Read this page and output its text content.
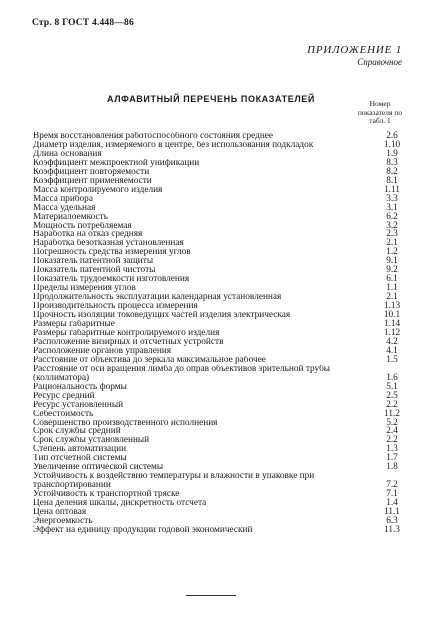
Стр. 8 ГОСТ 4.448—86
ПРИЛОЖЕНИЕ 1
Справочное
АЛФАВИТНЫЙ ПЕРЕЧЕНЬ ПОКАЗАТЕЛЕЙ	Номер показателя по табл. 1
Время восстановления работоспособного состояния среднее	2.6
Диаметр изделия, измеряемого в центре, без использования подкладок	1.10
Длина основания	1.9
Коэффициент межпроектной унификации	8.3
Коэффициент повторяемости	8.2
Коэффициент применяемости	8.1
Масса контролируемого изделия	1.11
Масса прибора	3.3
Масса удельная	3.1
Материалоемкость	6.2
Мощность потребляемая	3.2
Наработка на отказ средняя	2.3
Наработка безотказная установленная	2.1
Погрешность средства измерения углов	1.2
Показатель патентной защиты	9.1
Показатель патентной чистоты	9.2
Показатель трудоемкости изготовления	6.1
Пределы измерения углов	1.1
Продолжительность эксплуатации календарная установленная	2.1
Производительность процесса измерения	1.13
Прочность изоляции токоведущих частей изделия электрическая	10.1
Размеры габаритные	1.14
Размеры габаритные контролируемого изделия	1.12
Расположение визирных и отсчетных устройств	4.2
Расположение органов управления	4.1
Расстояние от объектива до зеркала максимальное рабочее	1.5
Расстояние от оси вращения лимба до оправ объективов зрительной трубы (коллиматора)	1.6
Рациональность формы	5.1
Ресурс средний	2.5
Ресурс установленный	2.2
Себестоимость	11.2
Совершенство производственного исполнения	5.2
Срок службы средний	2.4
Срок службы установленный	2.2
Степень автоматизации	1.3
Тип отсчетной системы	1.7
Увеличение оптической системы	1.8
Устойчивость к воздействию температуры и влажности в упаковке при транспортировании	7.2
Устойчивость к транспортной тряске	7.1
Цена деления шкалы, дискретность отсчета	1.4
Цена оптовая	11.1
Энергоемкость	6.3
Эффект на единицу продукции годовой экономический	11.3
